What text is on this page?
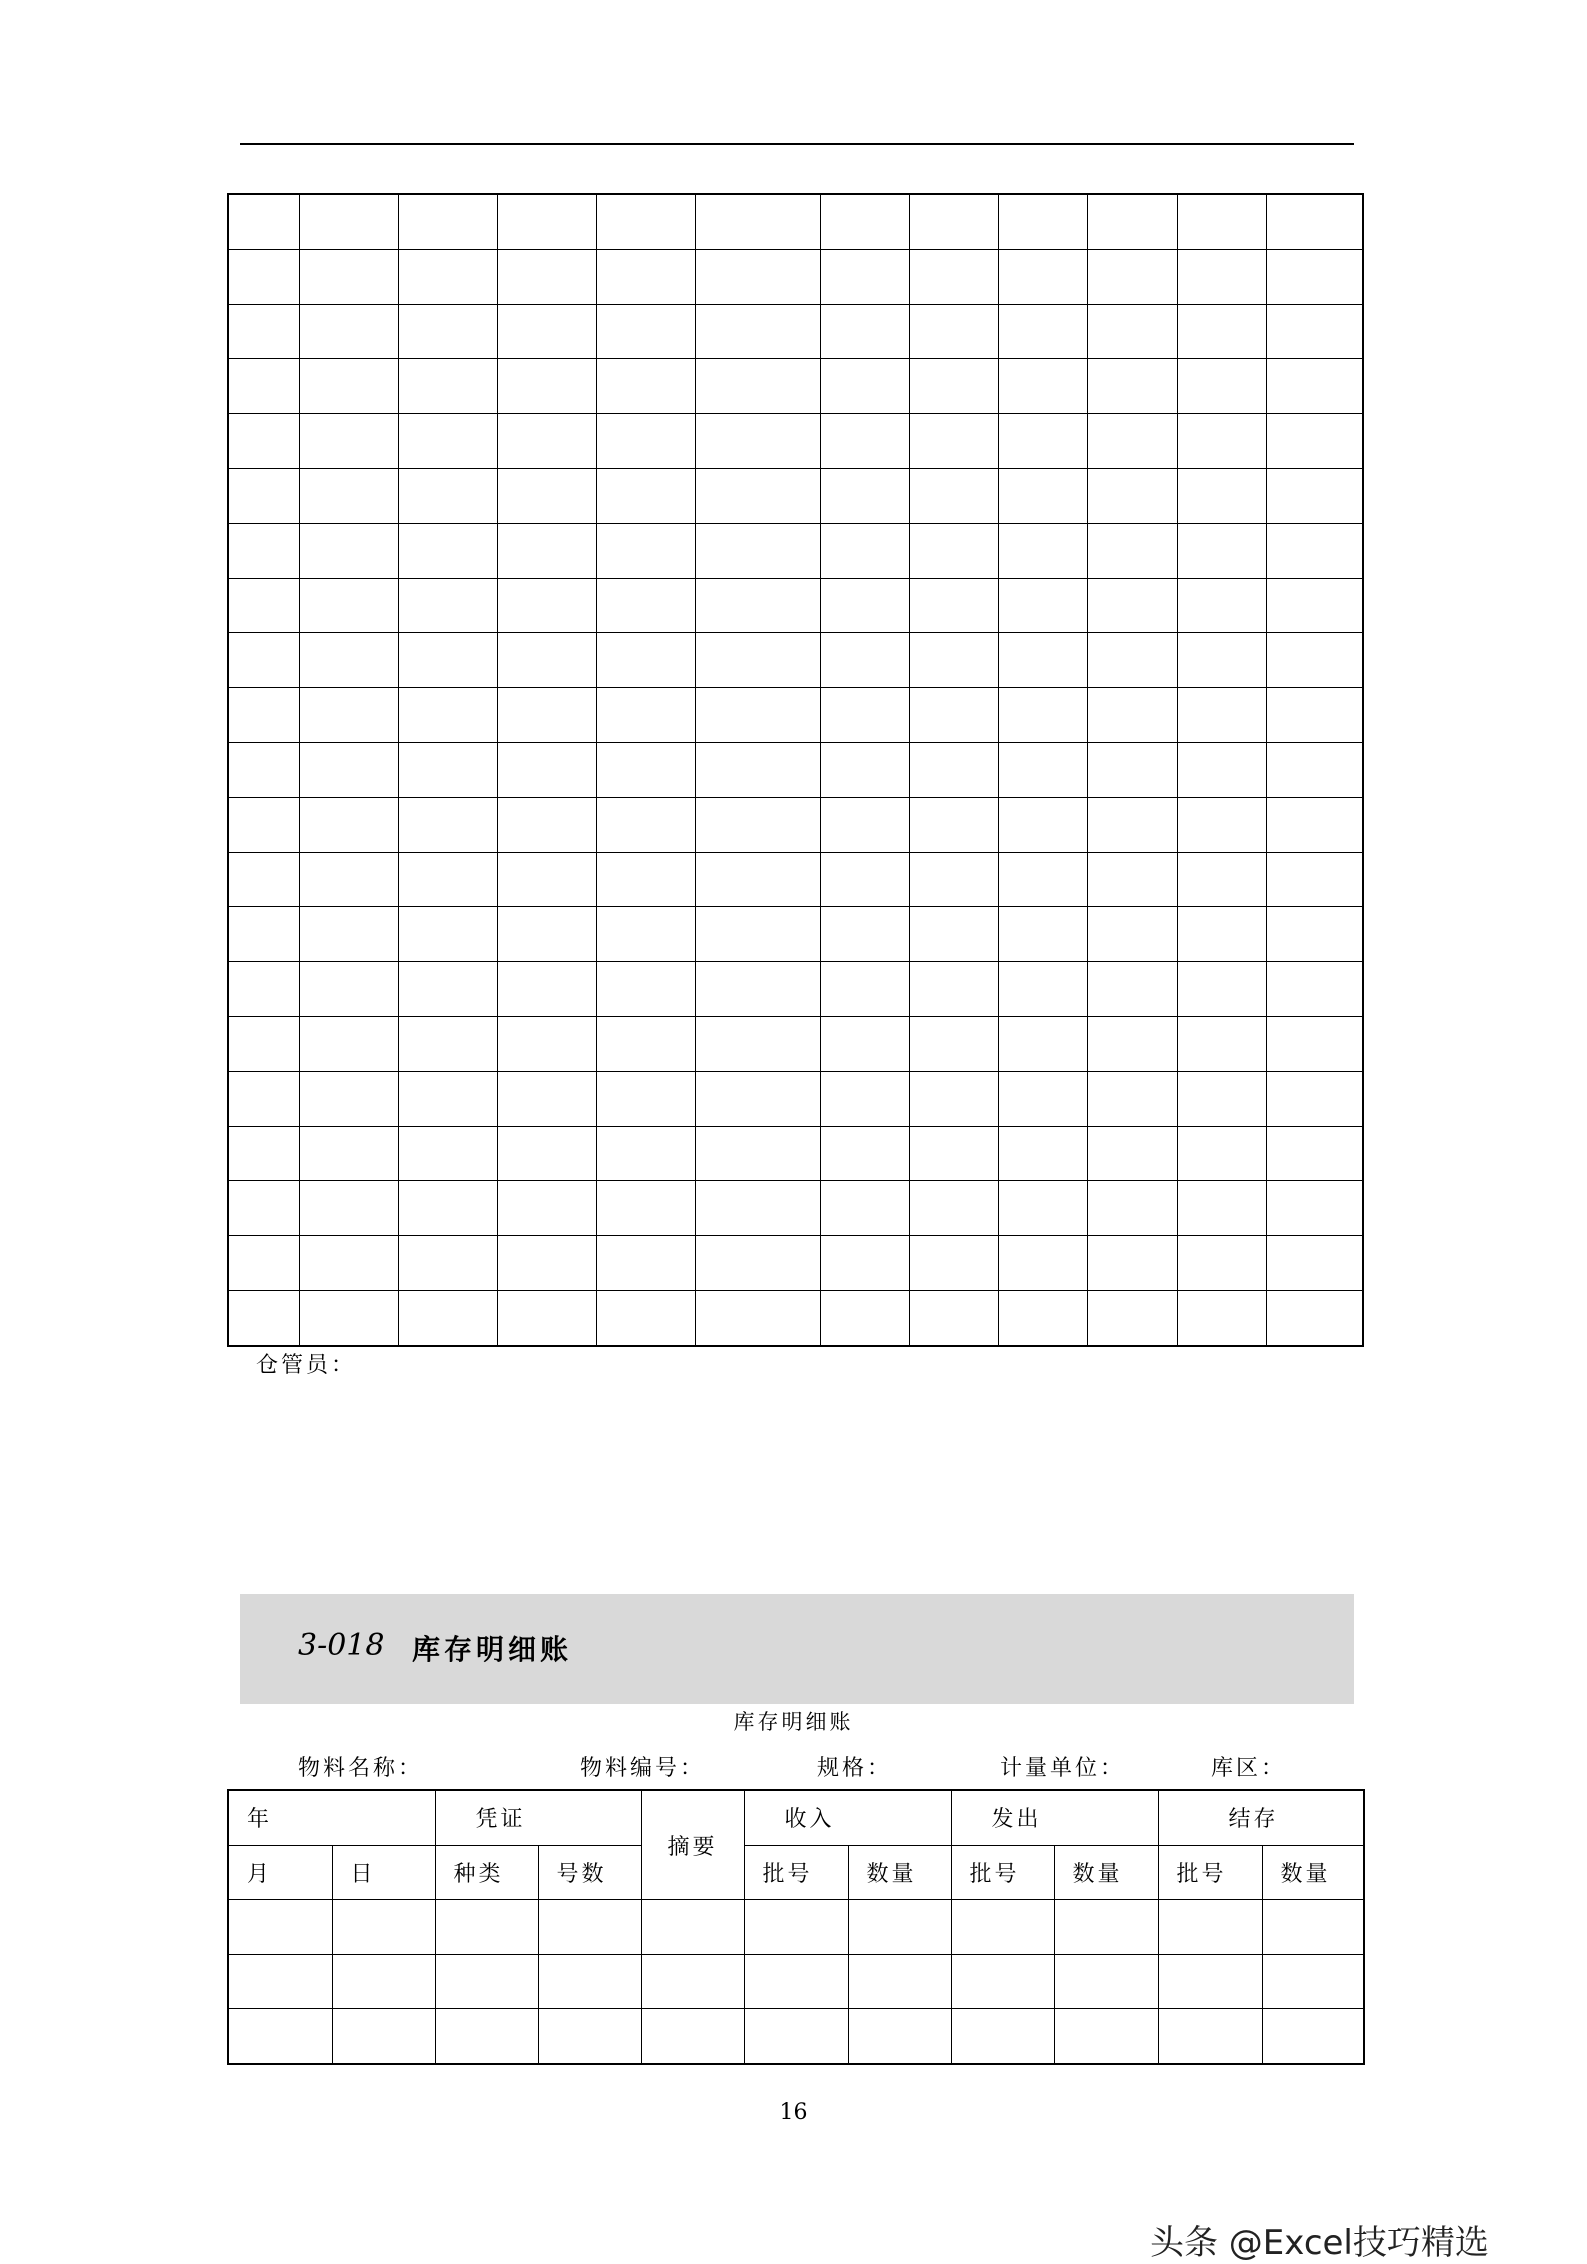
仓管员：
3-018 库存明细账
库存明细账
物料名称：	物料编号：	规格：	计量单位：	库区：
年		凭证		摘要	收入		发出		结存	
月	日	种类	号数		批号	数量	批号	数量	批号	数量

16
头条 @Excel技巧精选
